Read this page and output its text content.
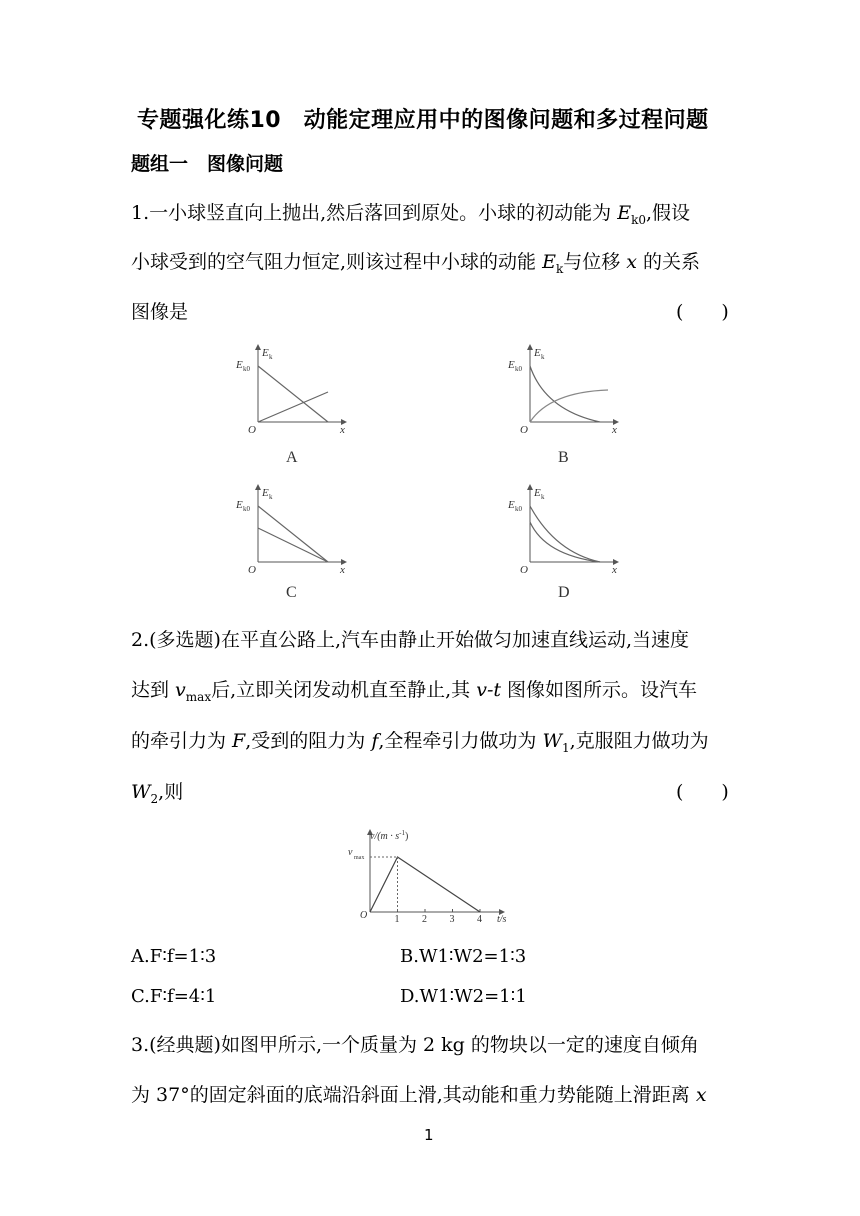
专题强化练10　动能定理应用中的图像问题和多过程问题
题组一　图像问题
1.一小球竖直向上抛出,然后落回到原处。小球的初动能为 $E_{k0}$,假设
小球受到的空气阻力恒定,则该过程中小球的动能 $E_k$与位移 x 的关系
图像是	(　　)
E k
E k0
O	x
E k
E k0
O	x
E k
E k0
O	x
E k
E k0
O	x
A	B
C	D
2.(多选题)在平直公路上,汽车由静止开始做匀加速直线运动,当速度
达到 $v_{max}$后,立即关闭发动机直至静止,其 v-t 图像如图所示。设汽车
的牵引力为 F,受到的阻力为 f,全程牵引力做功为 $W_1$,克服阻力做功为
$W_2$,则	(　　)
$v/(m \cdot s^{-1})$
v max
O	t/s
1 2 3 4
A.F∶f=1∶3	B.W1∶W2=1∶3
C.F∶f=4∶1	D.W1∶W2=1∶1
3.(经典题)如图甲所示,一个质量为 2 kg 的物块以一定的速度自倾角
为 37°的固定斜面的底端沿斜面上滑,其动能和重力势能随上滑距离 x
1
